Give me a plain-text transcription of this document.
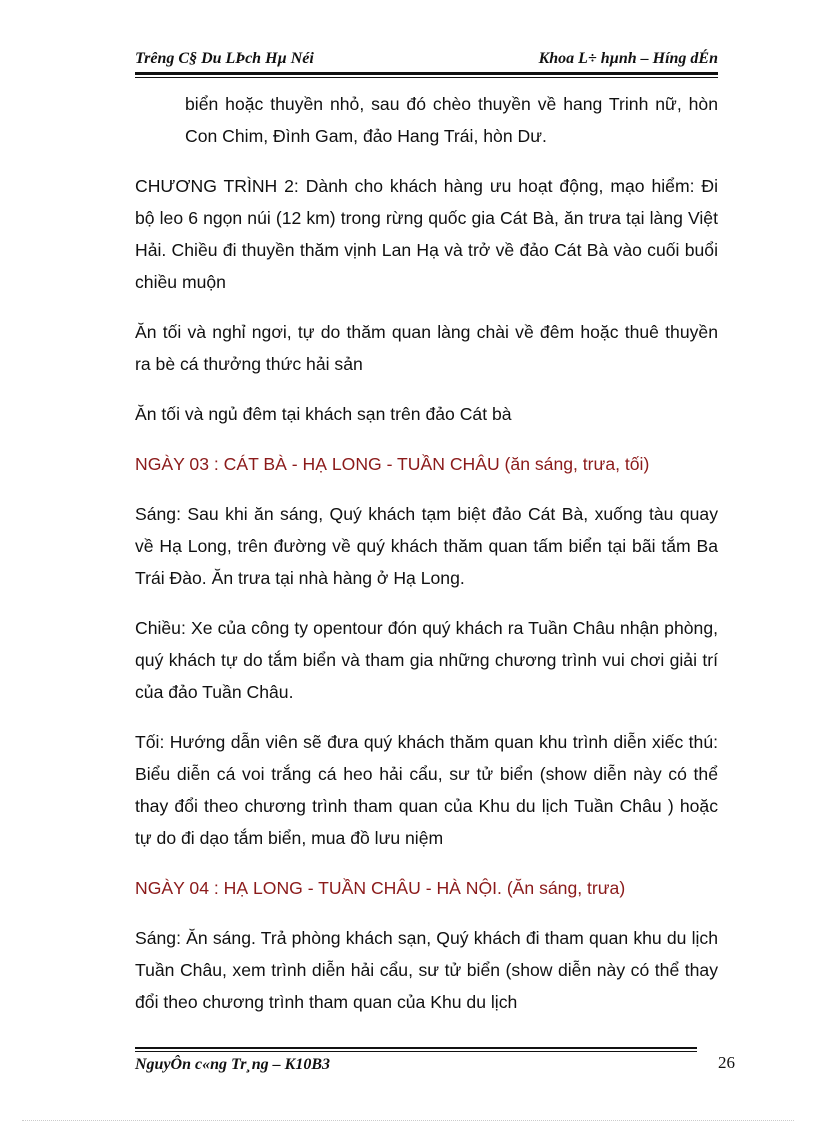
Trêng C§ Du LÞch Hµ Néi	Khoa L÷ hµnh – Híng dÉn

biển hoặc thuyền nhỏ, sau đó chèo thuyền về hang Trinh nữ, hòn Con Chim, Đình Gam, đảo Hang Trái, hòn Dư.

CHƯƠNG TRÌNH 2: Dành cho khách hàng ưu hoạt động, mạo hiểm: Đi bộ leo 6 ngọn núi (12 km) trong rừng quốc gia Cát Bà, ăn trưa tại làng Việt Hải. Chiều đi thuyền thăm vịnh Lan Hạ và trở về đảo Cát Bà vào cuối buổi chiều muộn

Ăn tối và nghỉ ngơi, tự do thăm quan làng chài về đêm hoặc thuê thuyền ra bè cá thưởng thức hải sản

Ăn tối và ngủ đêm tại khách sạn trên đảo Cát bà

NGÀY 03 : CÁT BÀ - HẠ LONG - TUẦN CHÂU (ăn sáng, trưa, tối)

Sáng: Sau khi ăn sáng, Quý khách tạm biệt đảo Cát Bà, xuống tàu quay về Hạ Long, trên đường về quý khách thăm quan tấm biển tại bãi tắm Ba Trái Đào. Ăn trưa tại nhà hàng ở Hạ Long.

Chiều: Xe của công ty opentour đón quý khách ra Tuần Châu nhận phòng, quý khách tự do tắm biển và tham gia những chương trình vui chơi giải trí của đảo Tuần Châu.

Tối: Hướng dẫn viên sẽ đưa quý khách thăm quan khu trình diễn xiếc thú: Biểu diễn cá voi trắng cá heo hải cẩu, sư tử biển (show diễn này có thể thay đổi theo chương trình tham quan của Khu du lịch Tuần Châu ) hoặc tự do đi dạo tắm biển, mua đồ lưu niệm

NGÀY 04 : HẠ LONG - TUẦN CHÂU - HÀ NỘI. (Ăn sáng, trưa)

Sáng: Ăn sáng. Trả phòng khách sạn, Quý khách đi tham quan khu du lịch Tuần Châu, xem trình diễn hải cẩu, sư tử biển (show diễn này có thể thay đổi theo chương trình tham quan của Khu du lịch

NguyÔn c«ng Tr¸ng – K10B3	26
